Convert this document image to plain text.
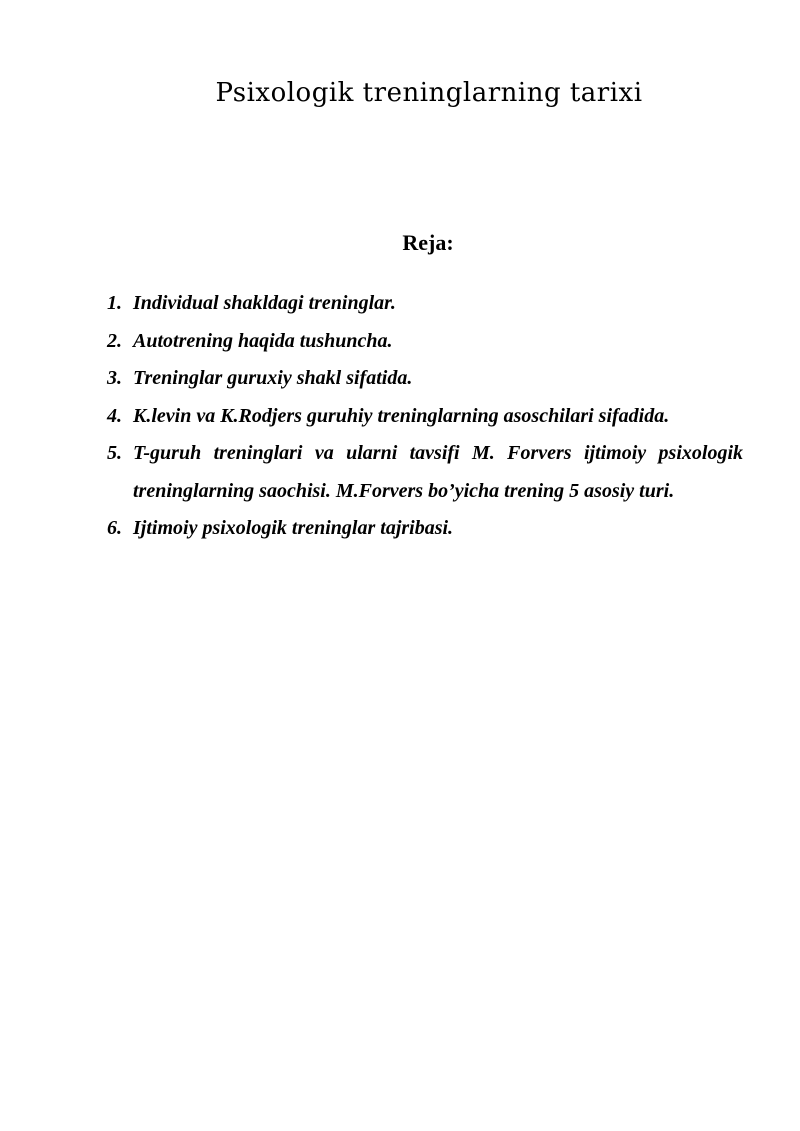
Psixologik treninglarning tarixi
Reja:
1. Individual shakldagi treninglar.
2. Autotrening haqida tushuncha.
3. Treninglar guruxiy shakl sifatida.
4. K.levin va K.Rodjers guruhiy treninglarning asoschilari sifadida.
5. T-guruh treninglari va ularni tavsifi M. Forvers ijtimoiy psixologik treninglarning saochisi. M.Forvers bo’yicha trening 5 asosiy turi.
6. Ijtimoiy psixologik treninglar tajribasi.
